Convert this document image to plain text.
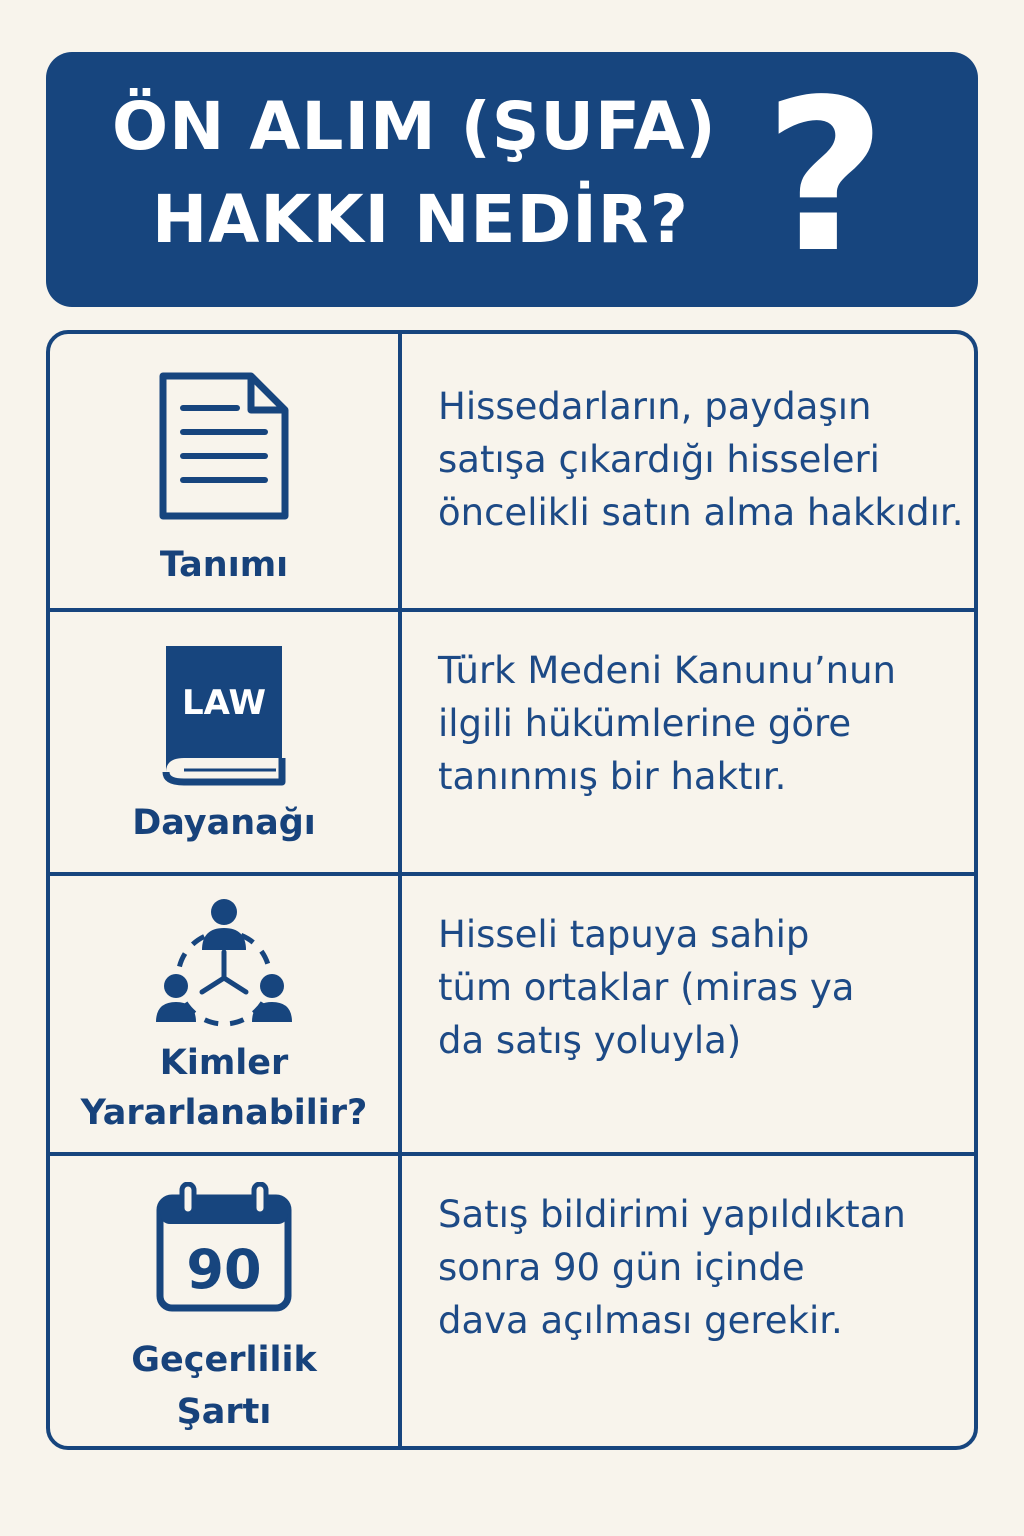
ÖN ALIM (ŞUFA)
HAKKI NEDİR? ?
Tanımı
Hissedarların, paydaşın
satışa çıkardığı hisseleri
öncelikli satın alma hakkıdır.
LAW
Dayanağı
Türk Medeni Kanunu’nun
ilgili hükümlerine göre
tanınmış bir haktır.
Kimler
Yararlanabilir?
Hisseli tapuya sahip
tüm ortaklar (miras ya
da satış yoluyla)
90
Geçerlilik
Şartı
Satış bildirimi yapıldıktan
sonra 90 gün içinde
dava açılması gerekir.
